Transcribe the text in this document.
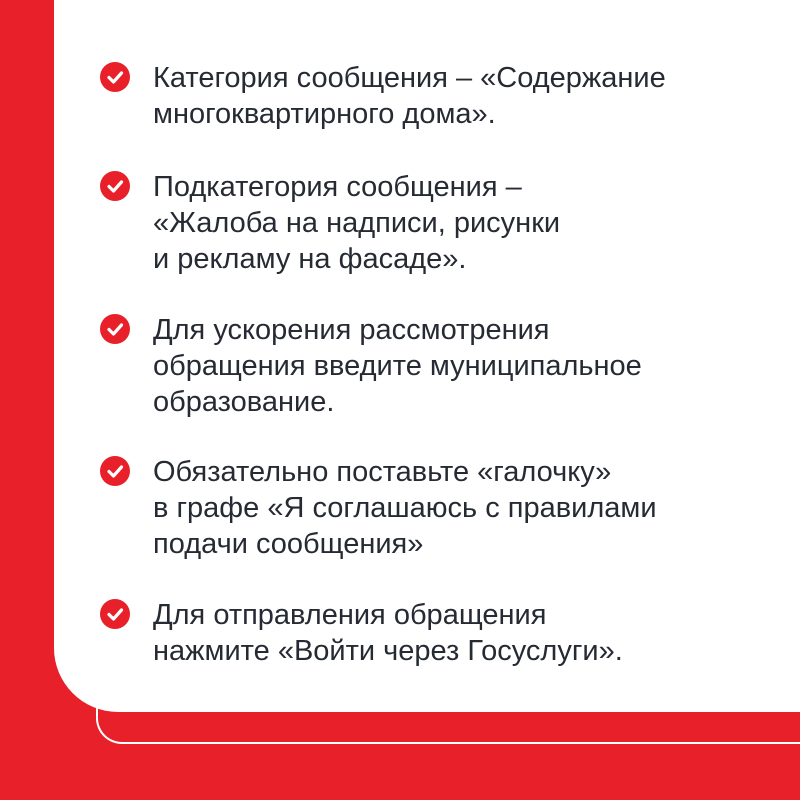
Категория сообщения – «Содержание
многоквартирного дома».
Подкатегория сообщения –
«Жалоба на надписи, рисунки
и рекламу на фасаде».
Для ускорения рассмотрения
обращения введите муниципальное
образование.
Обязательно поставьте «галочку»
в графе «Я соглашаюсь с правилами
подачи сообщения»
Для отправления обращения
нажмите «Войти через Госуслуги».
